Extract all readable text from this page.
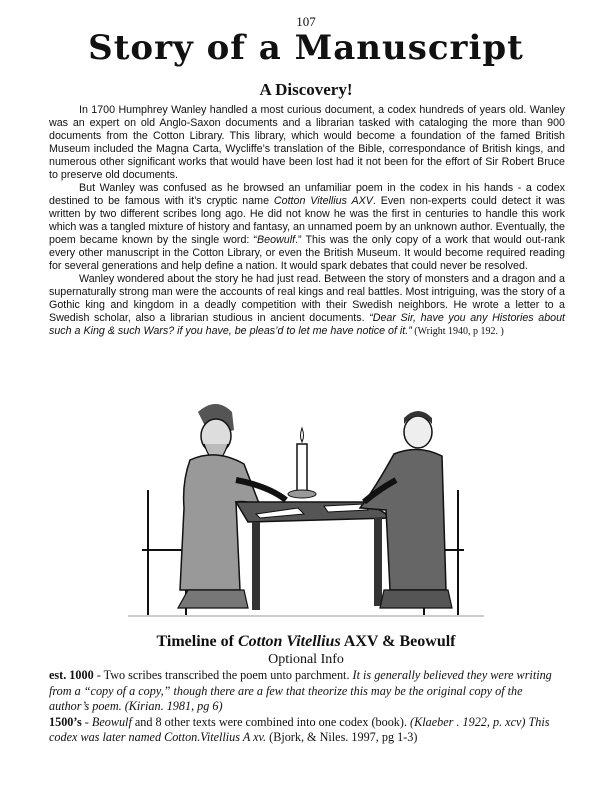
107
Story of a Manuscript
A Discovery!

In 1700 Humphrey Wanley handled a most curious document, a codex hundreds of years old. Wanley was an expert on old Anglo-Saxon documents and a librarian tasked with cataloging the more than 900 documents from the Cotton Library. This library, which would become a foundation of the famed British Museum included the Magna Carta, Wycliffe’s translation of the Bible, correspondance of British kings, and numerous other significant works that would have been lost had it not been for the effort of Sir Robert Bruce to preserve old documents.

But Wanley was confused as he browsed an unfamiliar poem in the codex in his hands - a codex destined to be famous with it’s cryptic name Cotton Vitellius AXV. Even non-experts could detect it was written by two different scribes long ago. He did not know he was the first in centuries to handle this work which was a tangled mixture of history and fantasy, an unnamed poem by an unknown author. Eventually, the poem became known by the single word: “Beowulf.” This was the only copy of a work that would out-rank every other manuscript in the Cotton Library, or even the British Museum. It would become required reading for several generations and help define a nation. It would spark debates that could never be resolved.

Wanley wondered about the story he had just read. Between the story of monsters and a dragon and a supernaturally strong man were the accounts of real kings and real battles. Most intriguing, was the story of a Gothic king and kingdom in a deadly competition with their Swedish neighbors. He wrote a letter to a Swedish scholar, also a librarian studious in ancient documents. “Dear Sir, have you any Histories about such a King & such Wars? if you have, be pleas’d to let me have notice of it.” (Wright 1940, p 192. )

Timeline of Cotton Vitellius AXV & Beowulf
Optional Info

est. 1000 - Two scribes transcribed the poem unto parchment. It is generally believed they were writing from a “copy of a copy,” though there are a few that theorize this may be the original copy of the author’s poem. (Kirian. 1981, pg 6)

1500’s - Beowulf and 8 other texts were combined into one codex (book). (Klaeber . 1922, p. xcv) This codex was later named Cotton.Vitellius A xv. (Bjork, & Niles. 1997, pg 1-3)
